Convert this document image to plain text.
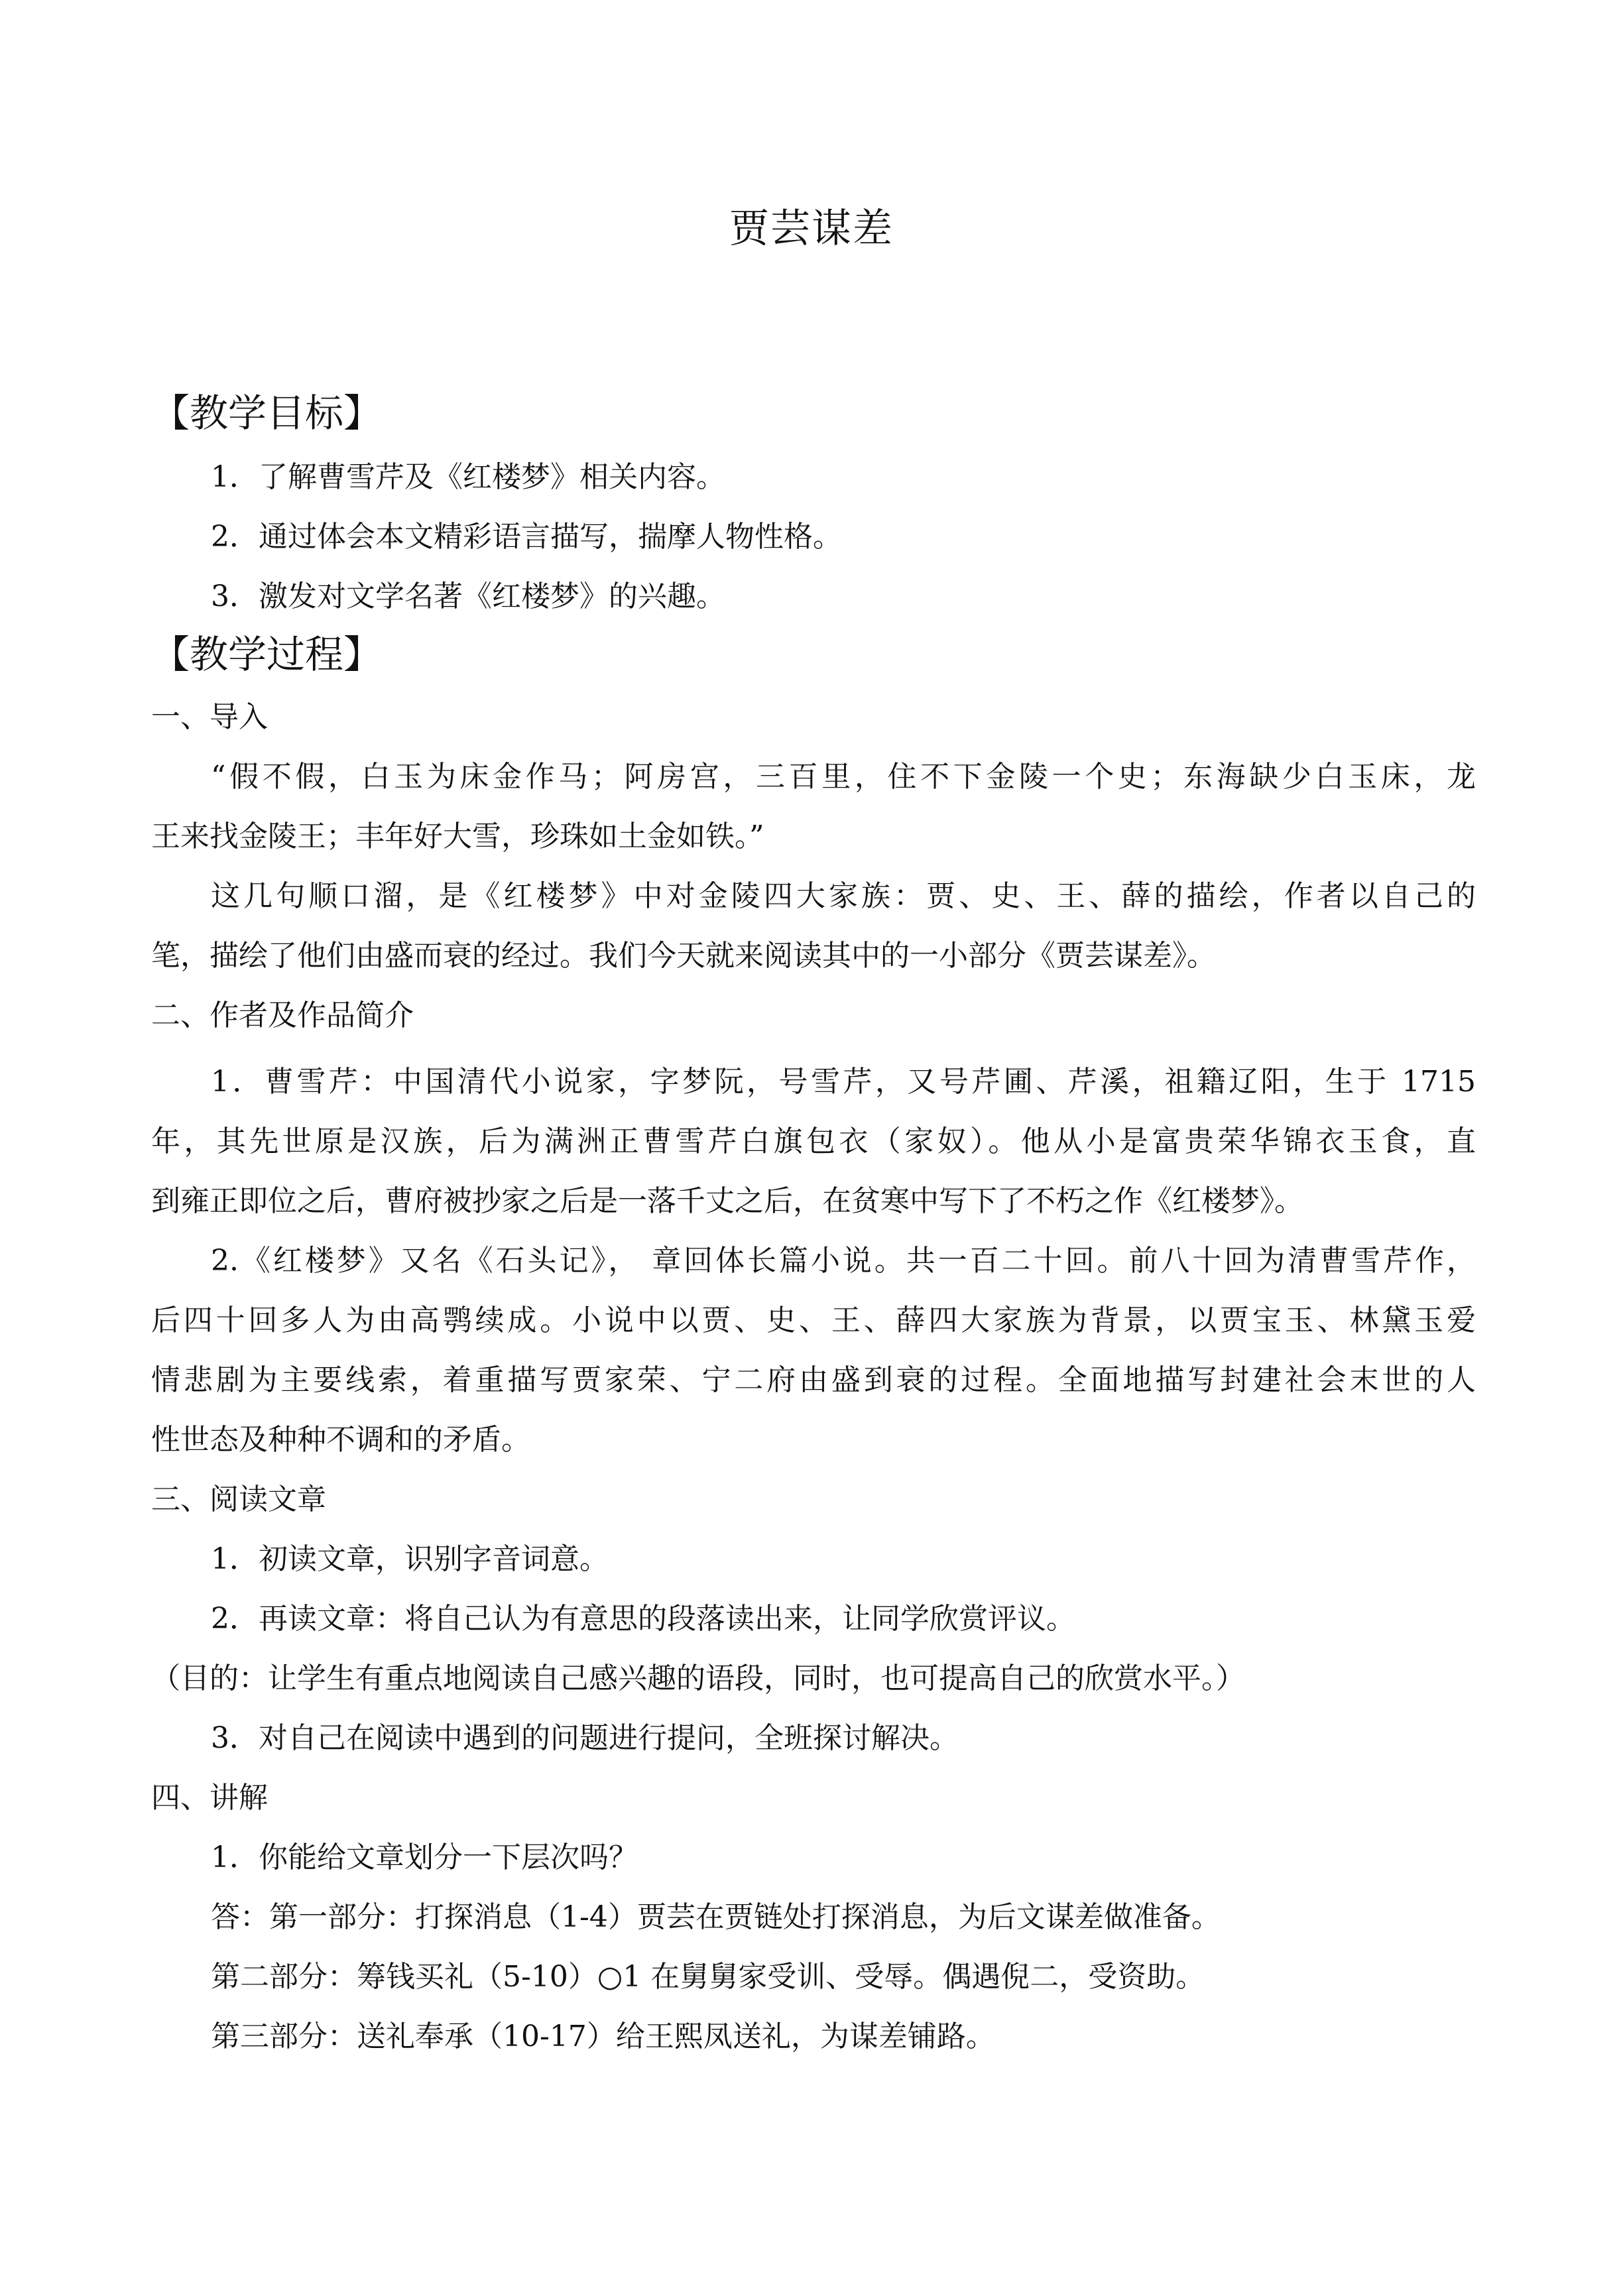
贾芸谋差
【教学目标】
1．了解曹雪芹及《红楼梦》相关内容。
2．通过体会本文精彩语言描写，揣摩人物性格。
3．激发对文学名著《红楼梦》的兴趣。
【教学过程】
一、导入
“假不假，白玉为床金作马；阿房宫，三百里，住不下金陵一个史；东海缺少白玉床，龙
王来找金陵王；丰年好大雪，珍珠如土金如铁。”
这几句顺口溜，是《红楼梦》中对金陵四大家族：贾、史、王、薛的描绘，作者以自己的
笔，描绘了他们由盛而衰的经过。我们今天就来阅读其中的一小部分《贾芸谋差》。
二、作者及作品简介
1．曹雪芹：中国清代小说家，字梦阮，号雪芹，又号芹圃、芹溪，祖籍辽阳，生于 1715
年，其先世原是汉族，后为满洲正曹雪芹白旗包衣（家奴）。他从小是富贵荣华锦衣玉食，直
到雍正即位之后，曹府被抄家之后是一落千丈之后，在贫寒中写下了不朽之作《红楼梦》。
2.《红楼梦》又名《石头记》， 章回体长篇小说。共一百二十回。前八十回为清曹雪芹作，
后四十回多人为由高鹗续成。小说中以贾、史、王、薛四大家族为背景，以贾宝玉、林黛玉爱
情悲剧为主要线索，着重描写贾家荣、宁二府由盛到衰的过程。全面地描写封建社会末世的人
性世态及种种不调和的矛盾。
三、阅读文章
1．初读文章，识别字音词意。
2．再读文章：将自己认为有意思的段落读出来，让同学欣赏评议。
（目的：让学生有重点地阅读自己感兴趣的语段，同时，也可提高自己的欣赏水平。）
3．对自己在阅读中遇到的问题进行提问，全班探讨解决。
四、讲解
1．你能给文章划分一下层次吗？
答：第一部分：打探消息（1-4）贾芸在贾链处打探消息，为后文谋差做准备。
第二部分：筹钱买礼（5-10）○1 在舅舅家受训、受辱。偶遇倪二，受资助。
第三部分：送礼奉承（10-17）给王熙凤送礼，为谋差铺路。
